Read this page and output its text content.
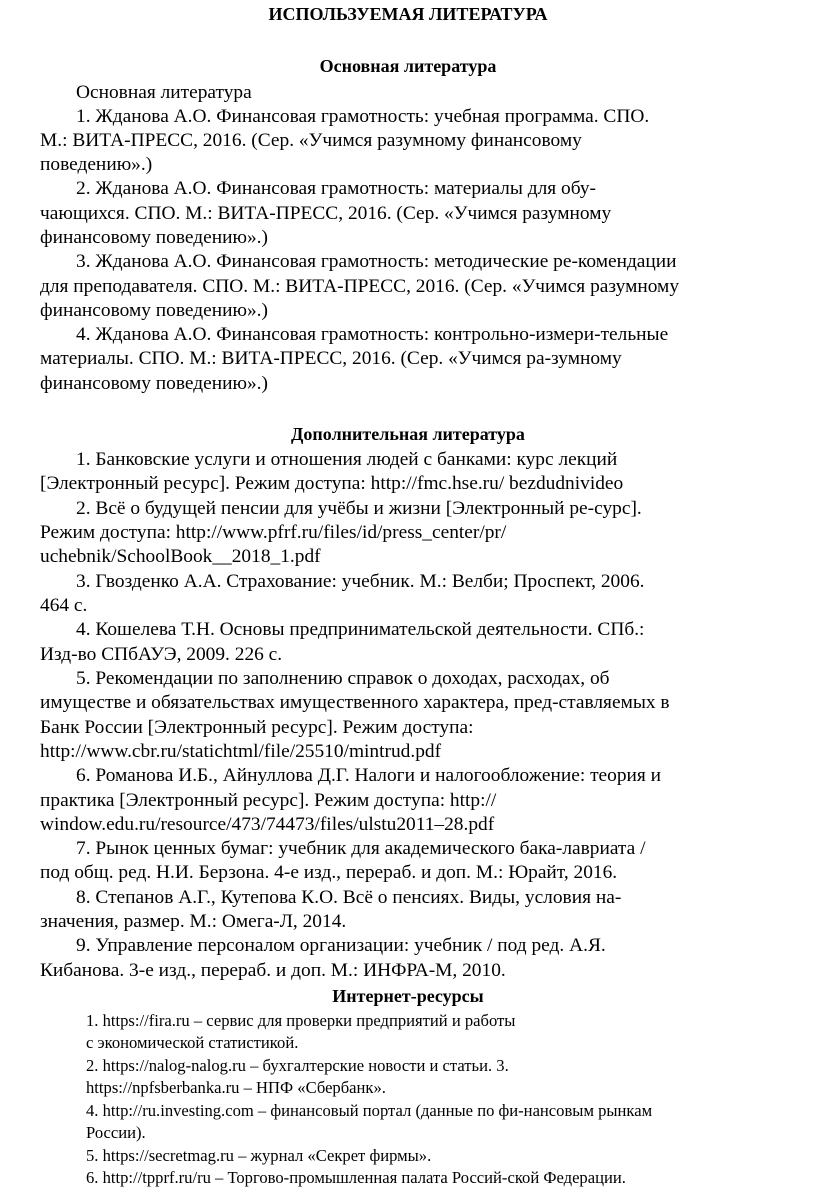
ИСПОЛЬЗУЕМАЯ ЛИТЕРАТУРА
Основная литература
Основная литература
1. Жданова А.О. Финансовая грамотность: учебная программа. СПО.
М.: ВИТА-ПРЕСС, 2016. (Сер. «Учимся разумному финансовому
поведению».)
2. Жданова А.О. Финансовая грамотность: материалы для обу-
чающихся. СПО. М.: ВИТА-ПРЕСС, 2016. (Сер. «Учимся разумному
финансовому поведению».)
3. Жданова А.О. Финансовая грамотность: методические ре-комендации
для преподавателя. СПО. М.: ВИТА-ПРЕСС, 2016. (Сер. «Учимся разумному
финансовому поведению».)
4. Жданова А.О. Финансовая грамотность: контрольно-измери-тельные
материалы. СПО. М.: ВИТА-ПРЕСС, 2016. (Сер. «Учимся ра-зумному
финансовому поведению».)
Дополнительная литература
1. Банковские услуги и отношения людей с банками: курс лекций
[Электронный ресурс]. Режим доступа: http://fmc.hse.ru/ bezdudnivideo
2. Всё о будущей пенсии для учёбы и жизни [Электронный ре-сурс].
Режим доступа: http://www.pfrf.ru/files/id/press_center/pr/
uchebnik/SchoolBook__2018_1.pdf
3. Гвозденко А.А. Страхование: учебник. М.: Велби; Проспект, 2006.
464 с.
4. Кошелева Т.Н. Основы предпринимательской деятельности. СПб.:
Изд-во СПбАУЭ, 2009. 226 с.
5. Рекомендации по заполнению справок о доходах, расходах, об
имуществе и обязательствах имущественного характера, пред-ставляемых в
Банк России [Электронный ресурс]. Режим доступа:
http://www.cbr.ru/statichtml/file/25510/mintrud.pdf
6. Романова И.Б., Айнуллова Д.Г. Налоги и налогообложение: теория и
практика [Электронный ресурс]. Режим доступа: http://
window.edu.ru/resource/473/74473/files/ulstu2011–28.pdf
7. Рынок ценных бумаг: учебник для академического бака-лавриата /
под общ. ред. Н.И. Берзона. 4-е изд., перераб. и доп. М.: Юрайт, 2016.
8. Степанов А.Г., Кутепова К.О. Всё о пенсиях. Виды, условия на-
значения, размер. М.: Омега-Л, 2014.
9. Управление персоналом организации: учебник / под ред. А.Я.
Кибанова. 3-е изд., перераб. и доп. М.: ИНФРА-М, 2010.
Интернет-ресурсы
1. https://fira.ru – сервис для проверки предприятий и работы
с экономической статистикой.
2. https://nalog-nalog.ru – бухгалтерские новости и статьи. 3.
https://npfsberbanka.ru – НПФ «Сбербанк».
4. http://ru.investing.com – финансовый портал (данные по фи-нансовым рынкам
России).
5. https://secretmag.ru – журнал «Секрет фирмы».
6. http://tpprf.ru/ru – Торгово-промышленная палата Россий-ской Федерации.
